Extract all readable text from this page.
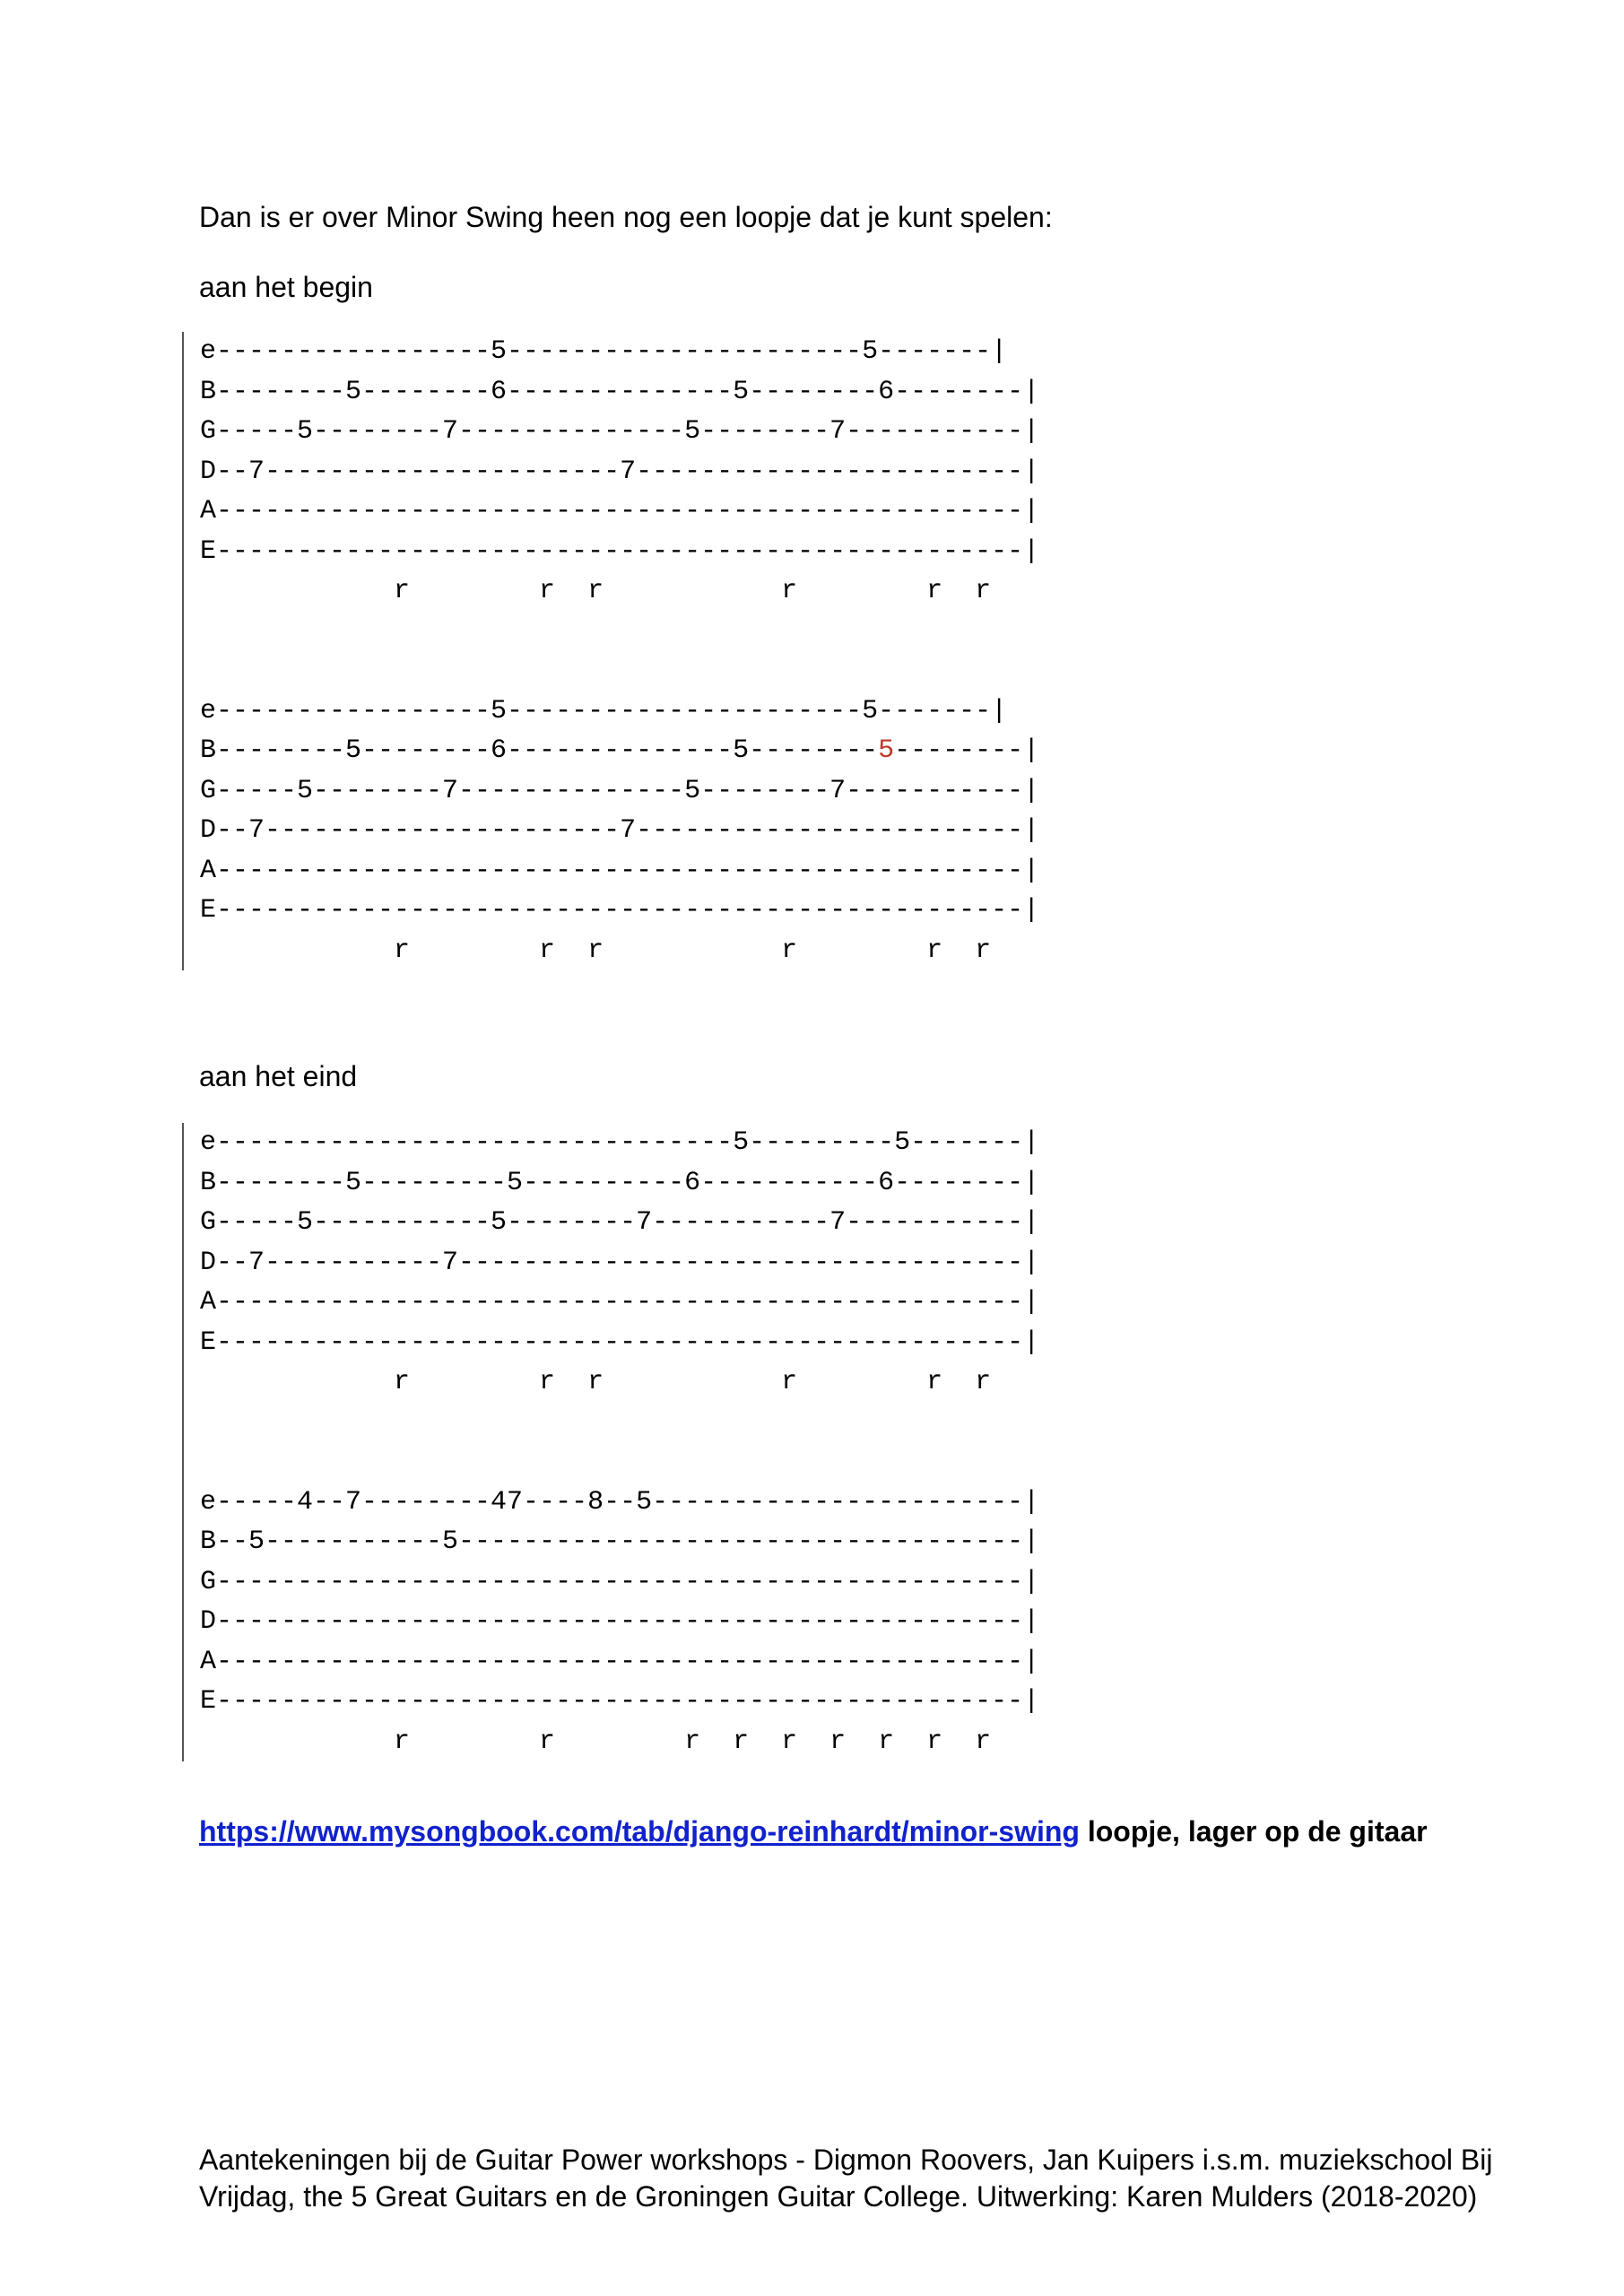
Dan is er over Minor Swing heen nog een loopje dat je kunt spelen:

aan het begin

e-----------------5----------------------5-------|
B--------5--------6--------------5--------6--------|
G-----5--------7--------------5--------7-----------|
D--7----------------------7------------------------|
A--------------------------------------------------|
E--------------------------------------------------|
r        r  r           r        r  r
e-----------------5----------------------5-------|
B--------5--------6--------------5--------5--------|
G-----5--------7--------------5--------7-----------|
D--7----------------------7------------------------|
A--------------------------------------------------|
E--------------------------------------------------|
r        r  r           r        r  r

aan het eind

e--------------------------------5---------5-------|
B--------5---------5----------6-----------6--------|
G-----5-----------5--------7-----------7-----------|
D--7-----------7-----------------------------------|
A--------------------------------------------------|
E--------------------------------------------------|
r        r  r           r        r  r
e-----4--7--------47----8--5-----------------------|
B--5-----------5-----------------------------------|
G--------------------------------------------------|
D--------------------------------------------------|
A--------------------------------------------------|
E--------------------------------------------------|
r        r        r  r  r  r  r  r  r

https://www.mysongbook.com/tab/django-reinhardt/minor-swing loopje, lager op de gitaar

Aantekeningen bij de Guitar Power workshops - Digmon Roovers, Jan Kuipers i.s.m. muziekschool Bij
Vrijdag, the 5 Great Guitars en de Groningen Guitar College. Uitwerking: Karen Mulders (2018-2020)
